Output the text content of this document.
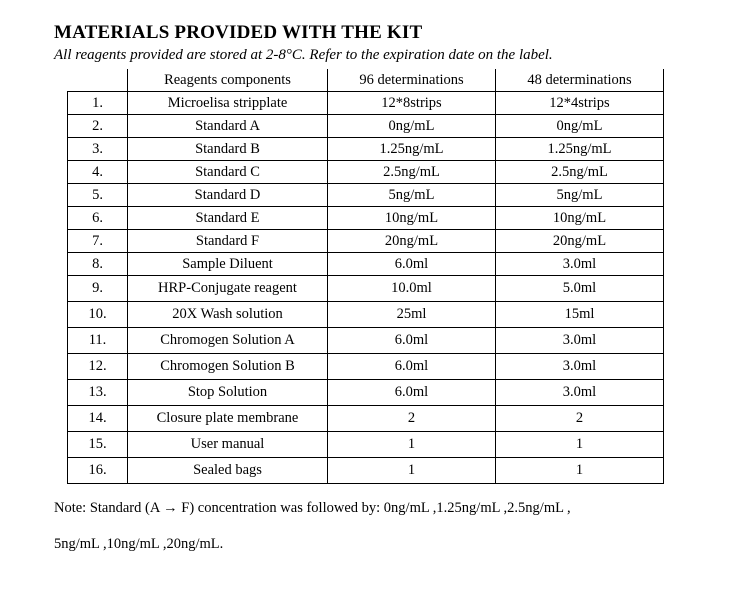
MATERIALS PROVIDED WITH THE KIT
All reagents provided are stored at 2-8°C. Refer to the expiration date on the label.
	Reagents components	96 determinations	48 determinations
1.	Microelisa stripplate	12*8strips	12*4strips
2.	Standard A	0ng/mL	0ng/mL
3.	Standard B	1.25ng/mL	1.25ng/mL
4.	Standard C	2.5ng/mL	2.5ng/mL
5.	Standard D	5ng/mL	5ng/mL
6.	Standard E	10ng/mL	10ng/mL
7.	Standard F	20ng/mL	20ng/mL
8.	Sample Diluent	6.0ml	3.0ml
9.	HRP-Conjugate reagent	10.0ml	5.0ml
10.	20X Wash solution	25ml	15ml
11.	Chromogen Solution A	6.0ml	3.0ml
12.	Chromogen Solution B	6.0ml	3.0ml
13.	Stop Solution	6.0ml	3.0ml
14.	Closure plate membrane	2	2
15.	User manual	1	1
16.	Sealed bags	1	1
Note: Standard (A → F) concentration was followed by: 0ng/mL ,1.25ng/mL ,2.5ng/mL ,
5ng/mL ,10ng/mL ,20ng/mL.
